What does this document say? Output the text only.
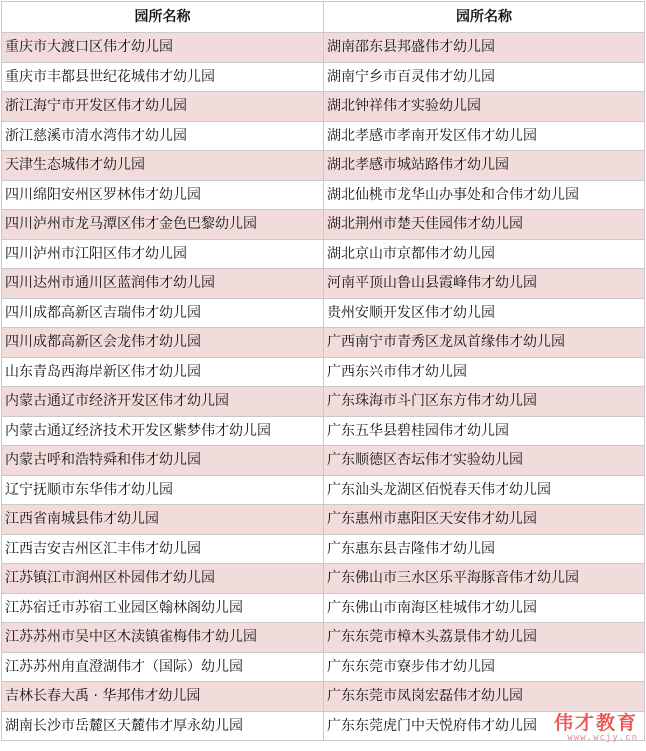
园所名称	园所名称
重庆市大渡口区伟才幼儿园	湖南邵东县邦盛伟才幼儿园
重庆市丰都县世纪花城伟才幼儿园	湖南宁乡市百灵伟才幼儿园
浙江海宁市开发区伟才幼儿园	湖北钟祥伟才实验幼儿园
浙江慈溪市清水湾伟才幼儿园	湖北孝感市孝南开发区伟才幼儿园
天津生态城伟才幼儿园	湖北孝感市城站路伟才幼儿园
四川绵阳安州区罗林伟才幼儿园	湖北仙桃市龙华山办事处和合伟才幼儿园
四川泸州市龙马潭区伟才金色巴黎幼儿园	湖北荆州市楚天佳园伟才幼儿园
四川泸州市江阳区伟才幼儿园	湖北京山市京都伟才幼儿园
四川达州市通川区蓝润伟才幼儿园	河南平顶山鲁山县霞峰伟才幼儿园
四川成都高新区吉瑞伟才幼儿园	贵州安顺开发区伟才幼儿园
四川成都高新区会龙伟才幼儿园	广西南宁市青秀区龙凤首缘伟才幼儿园
山东青岛西海岸新区伟才幼儿园	广西东兴市伟才幼儿园
内蒙古通辽市经济开发区伟才幼儿园	广东珠海市斗门区东方伟才幼儿园
内蒙古通辽经济技术开发区紫梦伟才幼儿园	广东五华县碧桂园伟才幼儿园
内蒙古呼和浩特舜和伟才幼儿园	广东顺德区杏坛伟才实验幼儿园
辽宁抚顺市东华伟才幼儿园	广东汕头龙湖区佰悦春天伟才幼儿园
江西省南城县伟才幼儿园	广东惠州市惠阳区天安伟才幼儿园
江西吉安吉州区汇丰伟才幼儿园	广东惠东县吉隆伟才幼儿园
江苏镇江市润州区朴园伟才幼儿园	广东佛山市三水区乐平海豚音伟才幼儿园
江苏宿迁市苏宿工业园区翰林阁幼儿园	广东佛山市南海区桂城伟才幼儿园
江苏苏州市吴中区木渎镇雀梅伟才幼儿园	广东东莞市樟木头荔景伟才幼儿园
江苏苏州甪直澄湖伟才（国际）幼儿园	广东东莞市寮步伟才幼儿园
吉林长春大禹 · 华邦伟才幼儿园	广东东莞市凤岗宏磊伟才幼儿园
湖南长沙市岳麓区天麓伟才厚永幼儿园	广东东莞虎门中天悦府伟才幼儿园 伟才教育
www.wcjy.cn
